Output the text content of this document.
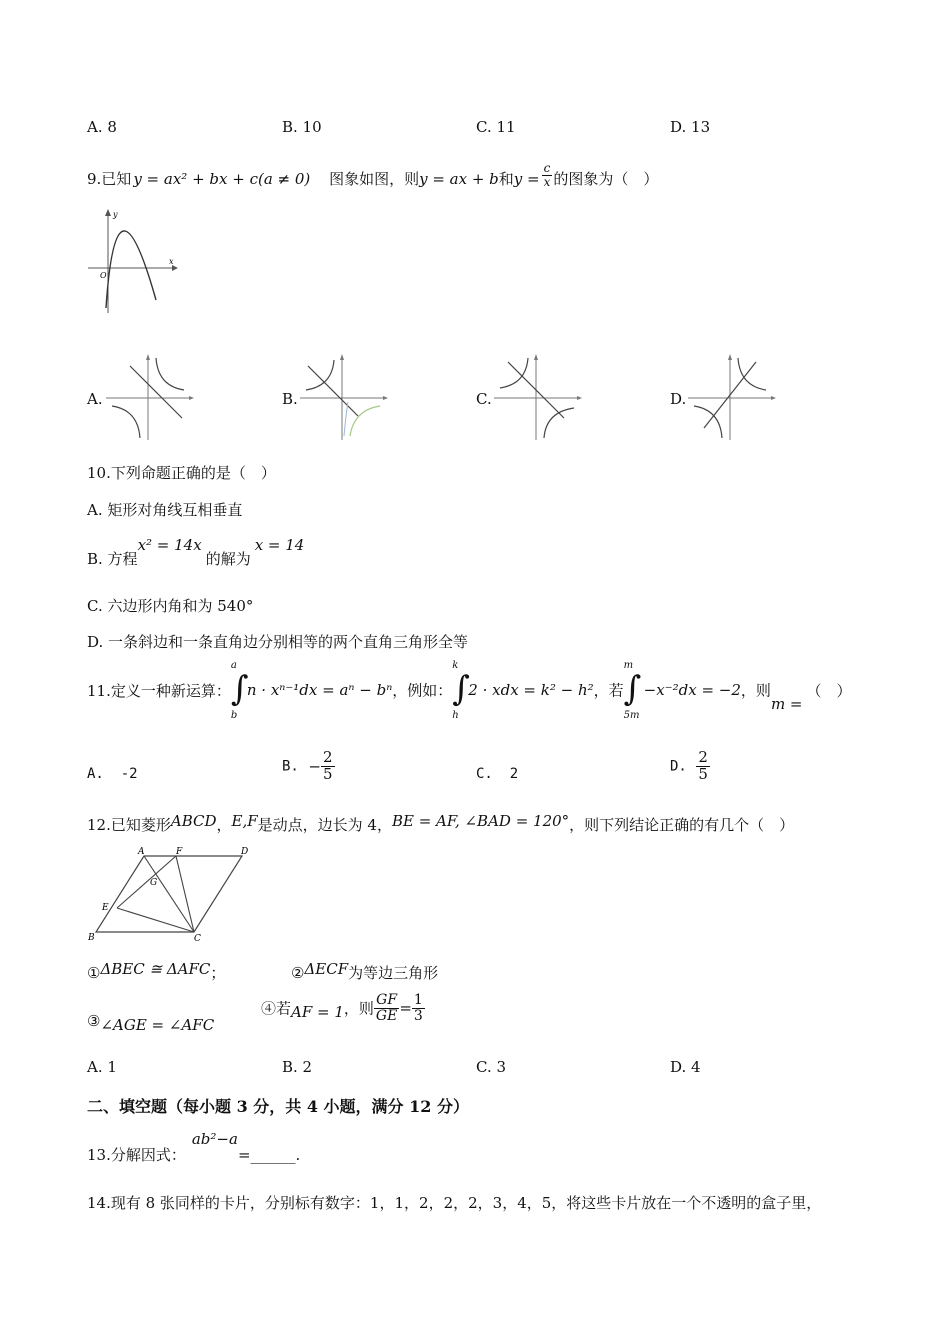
A. 8	B. 10	C. 11	D. 13
9.已知 y = ax² + bx + c(a ≠ 0) 图象如图，则y = ax + b和$y = \frac{c}{x}$ 的图象为（　）
y
x
O
A.	B.	C.	D.
10.下列命题正确的是（　）
A. 矩形对角线互相垂直
B. 方程x² = 14x的解为x = 14
C. 六边形内角和为 540°
D. 一条斜边和一条直角边分别相等的两个直角三角形全等
11.定义一种新运算： ∫
a
b
n · xⁿ⁻¹dx = aⁿ − bⁿ，例如： ∫
k
h
2 · xdx = k² − h²，若 ∫
m
5m
−x⁻²dx = −2，则m =（　）
A. -2	B. − $\frac{2}{5}$	C. 2	D. $\frac{2}{5}$
12.已知菱形ABCD，E,F是动点，边长为 4，BE = AF, ∠BAD = 120°，则下列结论正确的有几个（　）
A	F	D
G
E
B	C
①ΔBEC ≅ ΔAFC；	②ΔECF为等边三角形
③∠AGE = ∠AFC
④若AF = 1，则 $\frac{GF}{GE} = \frac{1}{3}$
A. 1	B. 2	C. 3	D. 4
二、填空题（每小题 3 分，共 4 小题，满分 12 分）
13.分解因式：ab²−a=______.
14.现有 8 张同样的卡片，分别标有数字：1，1，2，2，2，3，4，5，将这些卡片放在一个不透明的盒子里，
